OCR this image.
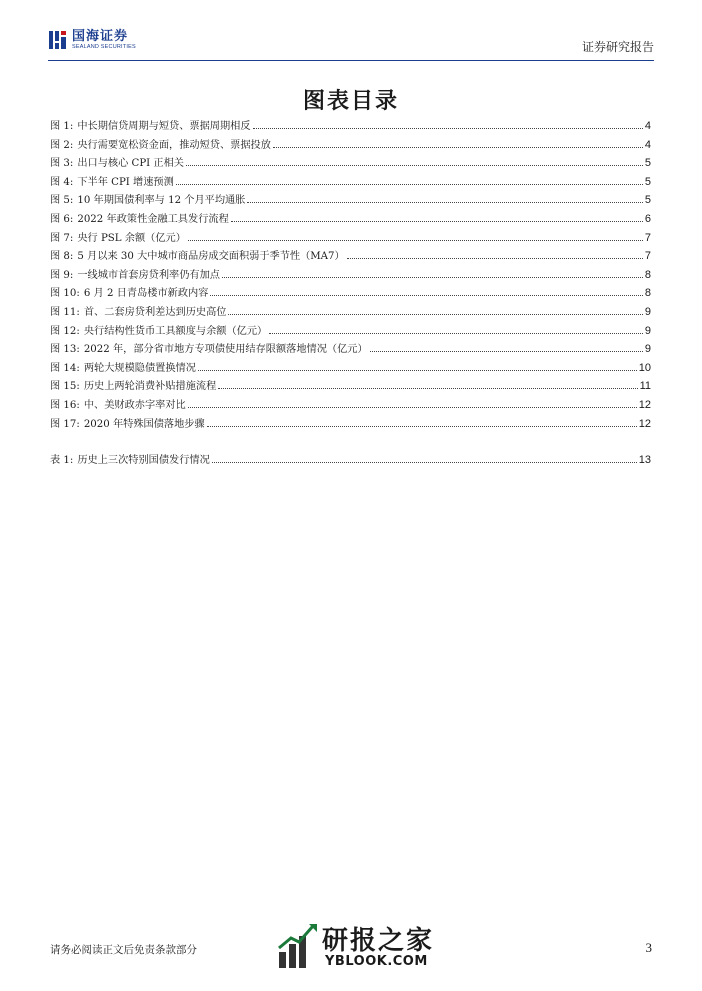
国海证券
SEALAND SECURITIES	证券研究报告
图表目录
图 1: 中长期信贷周期与短贷、票据周期相反	4
图 2: 央行需要宽松资金面，推动短贷、票据投放	4
图 3: 出口与核心 CPI 正相关	5
图 4: 下半年 CPI 增速预测	5
图 5: 10 年期国债利率与 12 个月平均通胀	5
图 6: 2022 年政策性金融工具发行流程	6
图 7: 央行 PSL 余额（亿元）	7
图 8: 5 月以来 30 大中城市商品房成交面积弱于季节性（MA7）	7
图 9: 一线城市首套房贷利率仍有加点	8
图 10: 6 月 2 日青岛楼市新政内容	8
图 11: 首、二套房贷利差达到历史高位	9
图 12: 央行结构性货币工具额度与余额（亿元）	9
图 13: 2022 年，部分省市地方专项债使用结存限额落地情况（亿元）	9
图 14: 两轮大规模隐债置换情况	10
图 15: 历史上两轮消费补贴措施流程	11
图 16: 中、美财政赤字率对比	12
图 17: 2020 年特殊国债落地步骤	12
表 1: 历史上三次特别国债发行情况	13
请务必阅读正文后免责条款部分	3
研报之家
YBLOOK.COM
